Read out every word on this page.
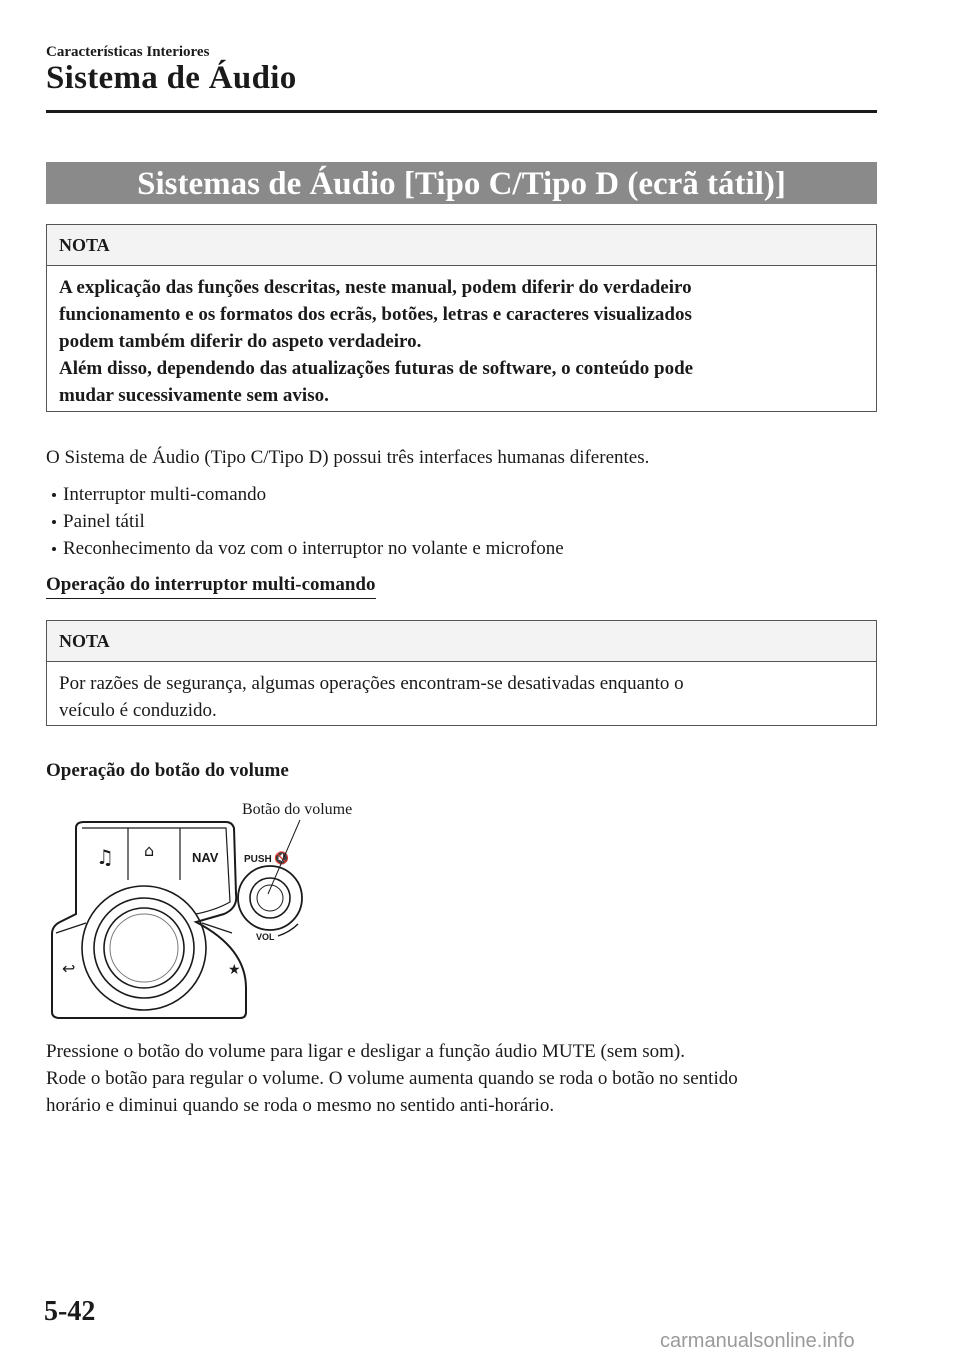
Características Interiores
Sistema de Áudio
Sistemas de Áudio [Tipo C/Tipo D (ecrã tátil)]
NOTA
A explicação das funções descritas, neste manual, podem diferir do verdadeiro
funcionamento e os formatos dos ecrãs, botões, letras e caracteres visualizados
podem também diferir do aspeto verdadeiro.
Além disso, dependendo das atualizações futuras de software, o conteúdo pode
mudar sucessivamente sem aviso.
O Sistema de Áudio (Tipo C/Tipo D) possui três interfaces humanas diferentes.
Interruptor multi-comando
Painel tátil
Reconhecimento da voz com o interruptor no volante e microfone
Operação do interruptor multi-comando
NOTA
Por razões de segurança, algumas operações encontram-se desativadas enquanto o
veículo é conduzido.
Operação do botão do volume
Botão do volume
♫ ⌂	NAV
↩	★
PUSH 🔇
VOL
Pressione o botão do volume para ligar e desligar a função áudio MUTE (sem som).
Rode o botão para regular o volume. O volume aumenta quando se roda o botão no sentido
horário e diminui quando se roda o mesmo no sentido anti-horário.
5-42
carmanualsonline.info
